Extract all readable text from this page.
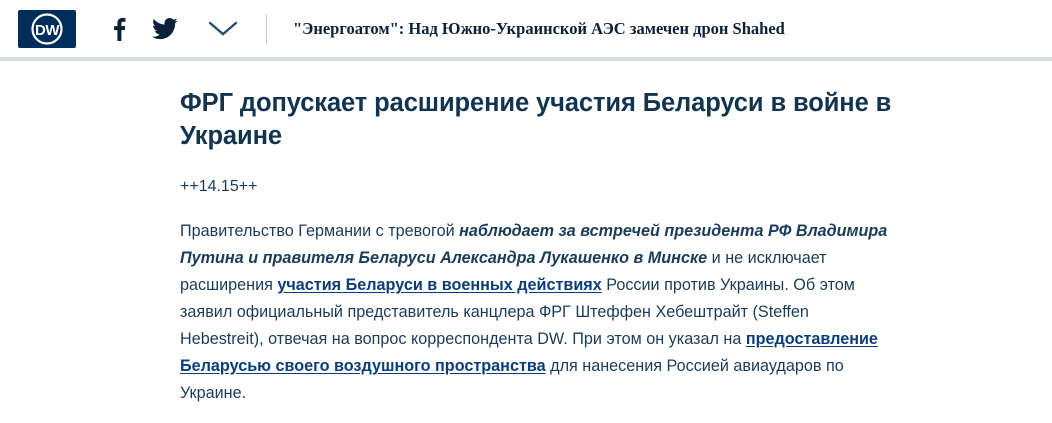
DW	"Энергоатом": Над Южно-Украинской АЭС замечен дрон Shahed
ФРГ допускает расширение участия Беларуси в войне в Украине

++14.15++

Правительство Германии с тревогой наблюдает за встречей президента РФ Владимира Путина и правителя Беларуси Александра Лукашенко в Минске и не исключает расширения участия Беларуси в военных действиях России против Украины. Об этом заявил официальный представитель канцлера ФРГ Штеффен Хебештрайт (Steffen Hebestreit), отвечая на вопрос корреспондента DW. При этом он указал на предоставление Беларусью своего воздушного пространства для нанесения Россией авиаударов по Украине.
